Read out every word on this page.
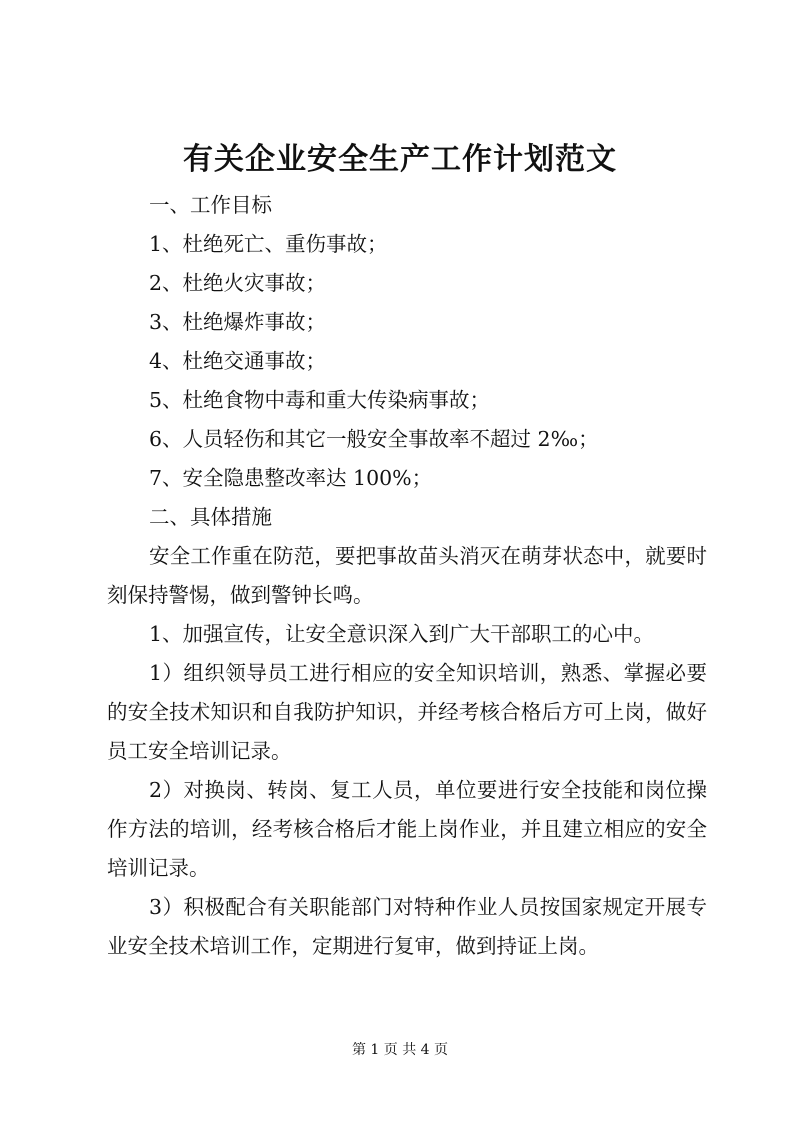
有关企业安全生产工作计划范文

一、工作目标

1、杜绝死亡、重伤事故；

2、杜绝火灾事故；

3、杜绝爆炸事故；

4、杜绝交通事故；

5、杜绝食物中毒和重大传染病事故；

6、人员轻伤和其它一般安全事故率不超过 2‰；

7、安全隐患整改率达 100%；

二、具体措施

安全工作重在防范，要把事故苗头消灭在萌芽状态中，就要时刻保持警惕，做到警钟长鸣。

1、加强宣传，让安全意识深入到广大干部职工的心中。

1）组织领导员工进行相应的安全知识培训，熟悉、掌握必要的安全技术知识和自我防护知识，并经考核合格后方可上岗，做好员工安全培训记录。

2）对换岗、转岗、复工人员，单位要进行安全技能和岗位操作方法的培训，经考核合格后才能上岗作业，并且建立相应的安全培训记录。

3）积极配合有关职能部门对特种作业人员按国家规定开展专业安全技术培训工作，定期进行复审，做到持证上岗。

第 1 页 共 4 页
